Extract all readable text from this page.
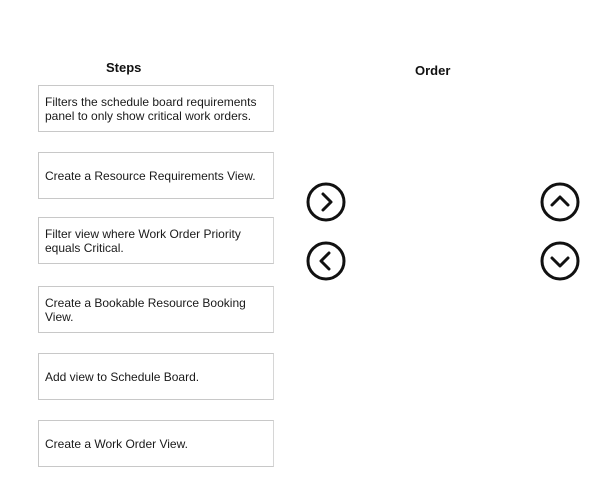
Steps	Order
Filters the schedule board requirements panel to only show critical work orders.
Create a Resource Requirements View.
Filter view where Work Order Priority equals Critical.
Create a Bookable Resource Booking View.
Add view to Schedule Board.
Create a Work Order View.
